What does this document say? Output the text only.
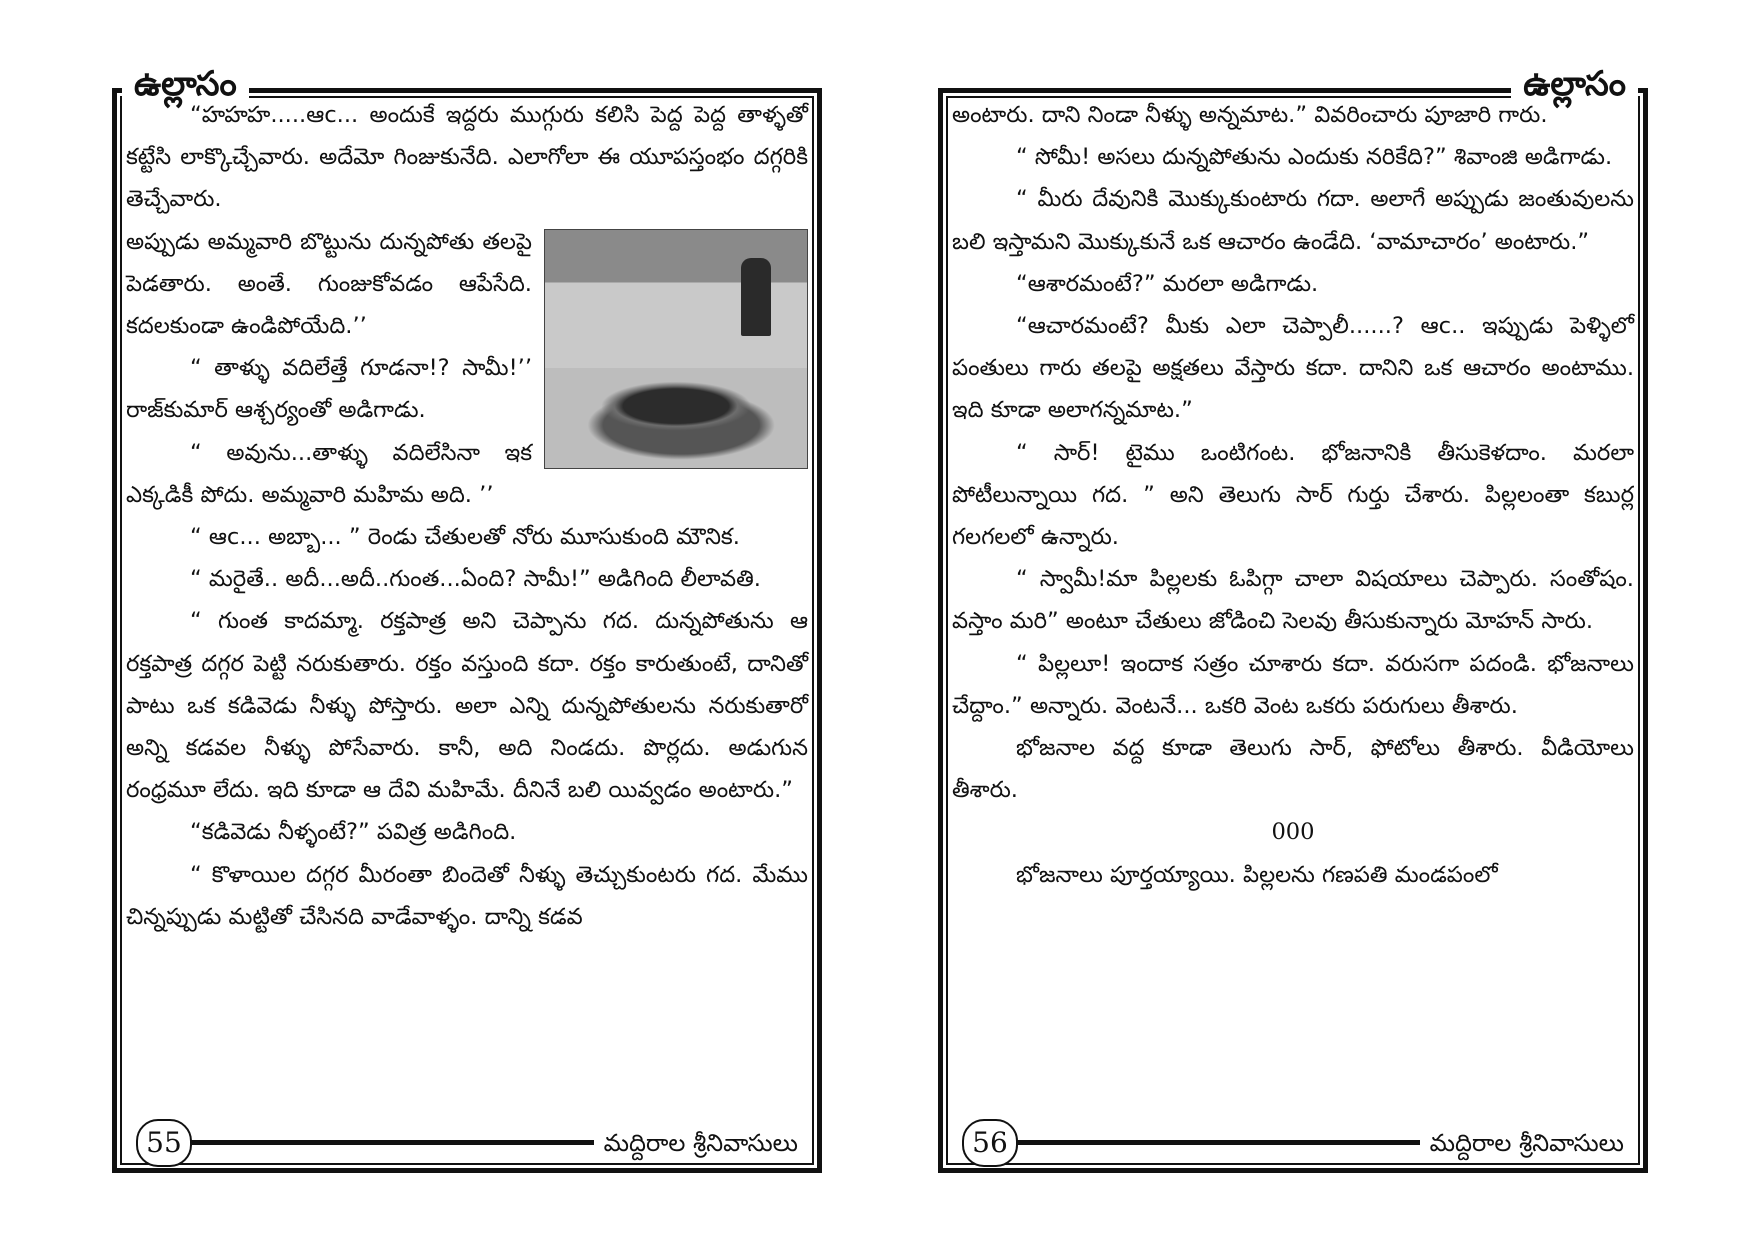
ఉల్లాసం

“హహహ.....ఆc... అందుకే ఇద్దరు ముగ్గురు కలిసి పెద్ద పెద్ద తాళ్ళతో కట్టేసి లాక్కొచ్చేవారు. అదేమో గింజుకునేది. ఎలాగోలా ఈ యూపస్తంభం దగ్గరికి తెచ్చేవారు.

అప్పుడు అమ్మవారి బొట్టును దున్నపోతు తలపై పెడతారు. అంతే. గుంజుకోవడం ఆపేసేది. కదలకుండా ఉండిపోయేది.’’

“ తాళ్ళు వదిలేత్తే గూడనా!? సామీ!’’ రాజ్‌కుమార్ ఆశ్చర్యంతో అడిగాడు.

“ అవును...తాళ్ళు వదిలేసినా ఇక ఎక్కడికీ పోదు. అమ్మవారి మహిమ అది. ’’

“ ఆc... అబ్బా... ” రెండు చేతులతో నోరు మూసుకుంది మౌనిక.

“ మరైతే.. అదీ...అదీ..గుంత...ఏంది? సామీ!” అడిగింది లీలావతి.

“ గుంత కాదమ్మా. రక్తపాత్ర అని చెప్పాను గద. దున్నపోతును ఆ రక్తపాత్ర దగ్గర పెట్టి నరుకుతారు. రక్తం వస్తుంది కదా. రక్తం కారుతుంటే, దానితో పాటు ఒక కడివెడు నీళ్ళు పోస్తారు. అలా ఎన్ని దున్నపోతులను నరుకుతారో అన్ని కడవల నీళ్ళు పోసేవారు. కానీ, అది నిండదు. పొర్లదు. అడుగున రంధ్రమూ లేదు. ఇది కూడా ఆ దేవి మహిమే. దీనినే బలి యివ్వడం అంటారు.”

“కడివెడు నీళ్ళంటే?” పవిత్ర అడిగింది.

“ కొళాయిల దగ్గర మీరంతా బిందెతో నీళ్ళు తెచ్చుకుంటరు గద. మేము చిన్నప్పుడు మట్టితో చేసినది వాడేవాళ్ళం. దాన్ని కడవ

55	మద్దిరాల శ్రీనివాసులు
ఉల్లాసం

అంటారు. దాని నిండా నీళ్ళు అన్నమాట.” వివరించారు పూజారి గారు.

“ సోమీ! అసలు దున్నపోతును ఎందుకు నరికేది?” శివాంజి అడిగాడు.

“ మీరు దేవునికి మొక్కుకుంటారు గదా. అలాగే అప్పుడు జంతువులను బలి ఇస్తామని మొక్కుకునే ఒక ఆచారం ఉండేది. ‘వామాచారం’ అంటారు.”

“ఆశారమంటే?” మరలా అడిగాడు.

“ఆచారమంటే? మీకు ఎలా చెప్పాలీ......? ఆc.. ఇప్పుడు పెళ్ళిలో పంతులు గారు తలపై అక్షతలు వేస్తారు కదా. దానిని ఒక ఆచారం అంటాము. ఇది కూడా అలాగన్నమాట.”

“ సార్! టైము ఒంటిగంట. భోజనానికి తీసుకెళదాం. మరలా పోటీలున్నాయి గద. ” అని తెలుగు సార్ గుర్తు చేశారు. పిల్లలంతా కబుర్ల గలగలలో ఉన్నారు.

“ స్వామీ!మా పిల్లలకు ఓపిగ్గా చాలా విషయాలు చెప్పారు. సంతోషం. వస్తాం మరి” అంటూ చేతులు జోడించి సెలవు తీసుకున్నారు మోహన్ సారు.

“ పిల్లలూ! ఇందాక సత్రం చూశారు కదా. వరుసగా పదండి. భోజనాలు చేద్దాం.” అన్నారు. వెంటనే... ఒకరి వెంట ఒకరు పరుగులు తీశారు.

భోజనాల వద్ద కూడా తెలుగు సార్, ఫోటోలు తీశారు. వీడియోలు తీశారు.

000

భోజనాలు పూర్తయ్యాయి. పిల్లలను గణపతి మండపంలో

56	మద్దిరాల శ్రీనివాసులు
